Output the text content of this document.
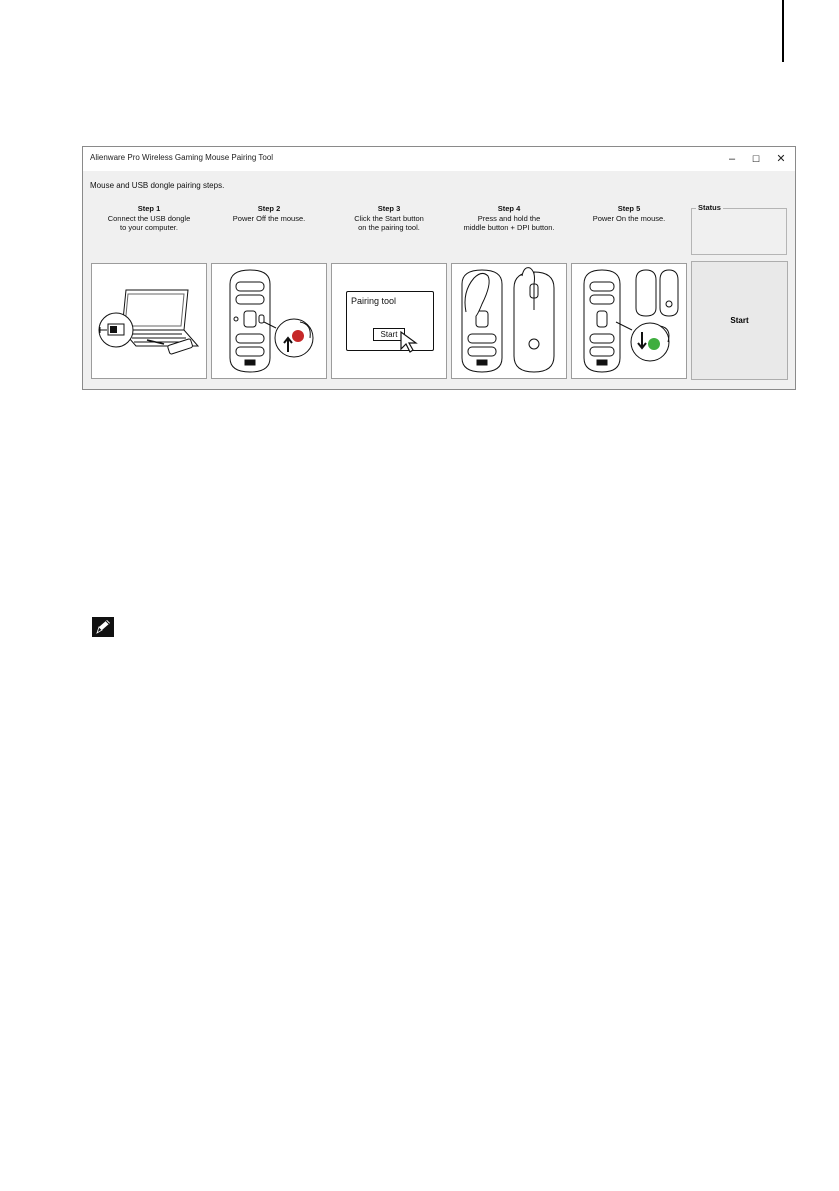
Alienware Pro Wireless Gaming Mouse Pairing Tool	–	☐	✕
Mouse and USB dongle pairing steps.
Step 1
Connect the USB dongle
to your computer.
Step 2
Power Off the mouse.
Step 3
Click the Start button
on the pairing tool.
Step 4
Press and hold the
middle button + DPI button.
Step 5
Power On the mouse.
Status
Pairing tool
Start
Start
